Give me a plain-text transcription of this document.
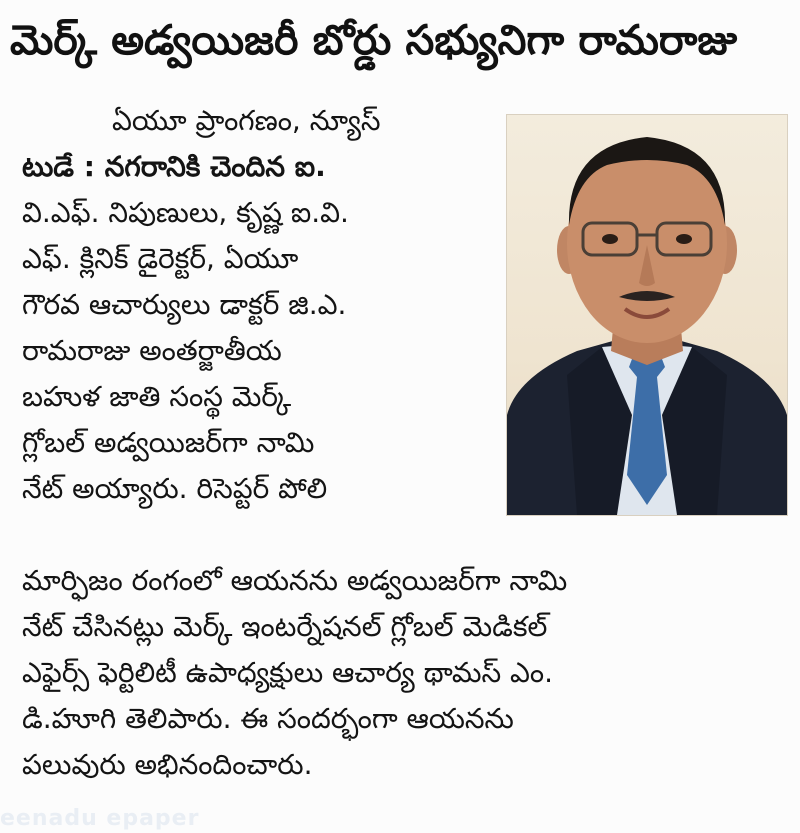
మెర్క్ అడ్వయిజరీ బోర్డు సభ్యునిగా రామరాజు
ఏయూ ప్రాంగణం, న్యూస్
టుడే : నగరానికి చెందిన ఐ.
వి.ఎఫ్. నిపుణులు, కృష్ణ ఐ.వి.
ఎఫ్. క్లినిక్ డైరెక్టర్, ఏయూ
గౌరవ ఆచార్యులు డాక్టర్ జి.ఎ.
రామరాజు అంతర్జాతీయ
బహుళ జాతి సంస్థ మెర్క్
గ్లోబల్ అడ్వయిజర్‌గా నామి
నేట్ అయ్యారు. రిసెప్టర్ పోలి
మార్ఫిజం రంగంలో ఆయనను అడ్వయిజర్‌గా నామి
నేట్ చేసినట్లు మెర్క్ ఇంటర్నేషనల్ గ్లోబల్ మెడికల్
ఎఫైర్స్ ఫెర్టిలిటీ ఉపాధ్యక్షులు ఆచార్య థామస్ ఎం.
డి.హూగి తెలిపారు. ఈ సందర్భంగా ఆయనను
పలువురు అభినందించారు.
eenadu epaper
